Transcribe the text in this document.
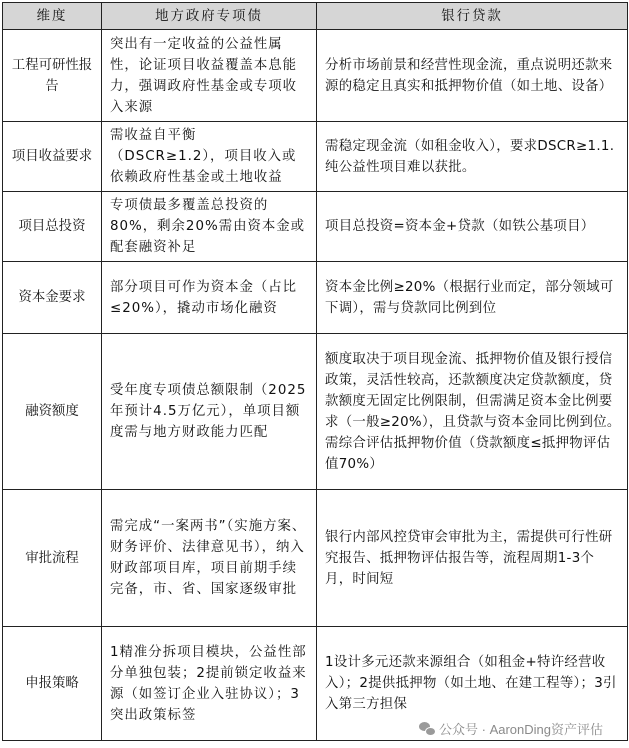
维度	地方政府专项债	银行贷款
工程可研性报告	突出有一定收益的公益性属性，论证项目收益覆盖本息能力，强调政府性基金或专项收入来源	分析市场前景和经营性现金流，重点说明还款来源的稳定且真实和抵押物价值（如土地、设备）
项目收益要求	需收益自平衡（DSCR≥1.2），项目收入或依赖政府性基金或土地收益	需稳定现金流（如租金收入），要求DSCR≥1.1.纯公益性项目难以获批。
项目总投资	专项债最多覆盖总投资的80%，剩余20%需由资本金或配套融资补足	项目总投资=资本金+贷款（如铁公基项目）
资本金要求	部分项目可作为资本金（占比≤20%），撬动市场化融资	资本金比例≥20%（根据行业而定，部分领域可下调），需与贷款同比例到位
融资额度	受年度专项债总额限制（2025年预计4.5万亿元），单项目额度需与地方财政能力匹配	额度取决于项目现金流、抵押物价值及银行授信政策，灵活性较高，还款额度决定贷款额度，贷款额度无固定比例限制，但需满足资本金比例要求（一般≥20%），且贷款与资本金同比例到位。需综合评估抵押物价值（贷款额度≤抵押物评估值70%）
审批流程	需完成“一案两书”（实施方案、财务评价、法律意见书），纳入财政部项目库，项目前期手续完备，市、省、国家逐级审批	银行内部风控贷审会审批为主，需提供可行性研究报告、抵押物评估报告等，流程周期1-3个月，时间短
申报策略	1精准分拆项目模块，公益性部分单独包装；2提前锁定收益来源（如签订企业入驻协议）；3突出政策标签	1设计多元还款来源组合（如租金+特许经营收入）；2提供抵押物（如土地、在建工程等）；3引入第三方担保
公众号 · AaronDing资产评估
